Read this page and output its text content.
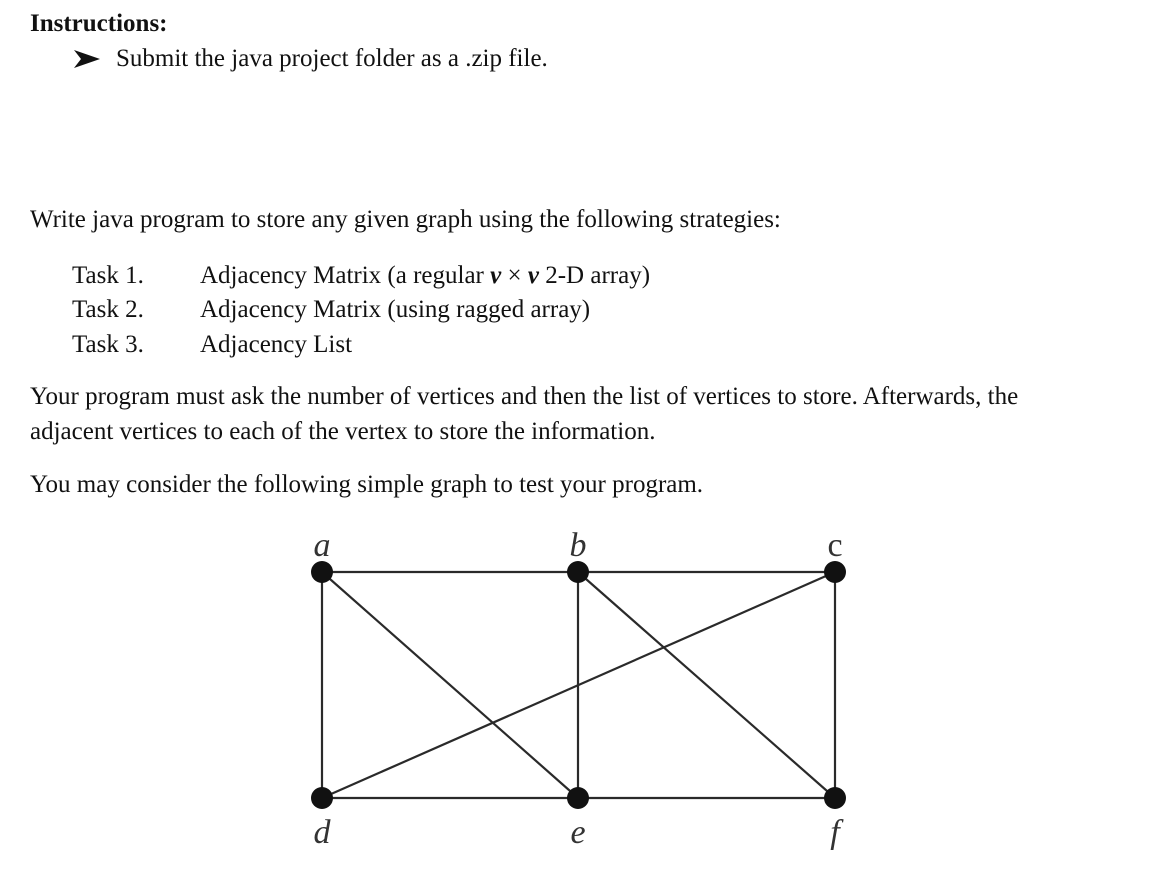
Instructions:
Submit the java project folder as a .zip file.
Write java program to store any given graph using the following strategies:
Task 1. Adjacency Matrix (a regular v × v 2-D array)
Task 2. Adjacency Matrix (using ragged array)
Task 3. Adjacency List
Your program must ask the number of vertices and then the list of vertices to store. Afterwards, the
adjacent vertices to each of the vertex to store the information.
You may consider the following simple graph to test your program.
a	b	c
d	e	f
